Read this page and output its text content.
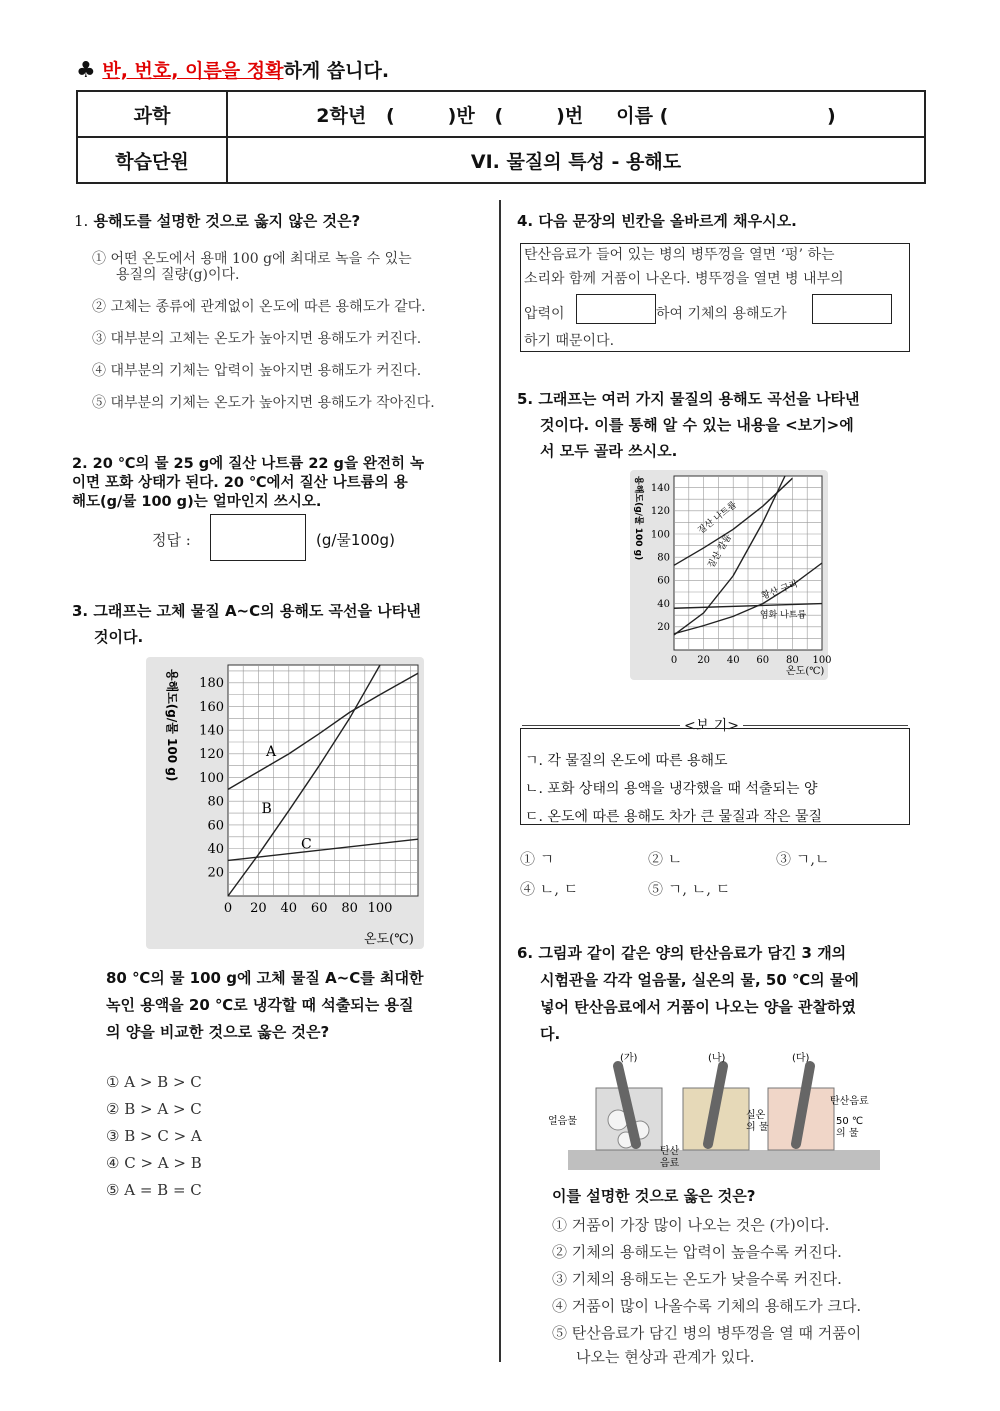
♣ 반, 번호, 이름을 정확하게 씁니다.
과학	2학년   (        )반   (        )번     이름 (                        )
학습단원	VI. 물질의 특성 - 용해도
1. 용해도를 설명한 것으로 옳지 않은 것은?
① 어떤 온도에서 용매 100 g에 최대로 녹을 수 있는
용질의 질량(g)이다.
② 고체는 종류에 관계없이 온도에 따른 용해도가 같다.
③ 대부분의 고체는 온도가 높아지면 용해도가 커진다.
④ 대부분의 기체는 압력이 높아지면 용해도가 커진다.
⑤ 대부분의 기체는 온도가 높아지면 용해도가 작아진다.
2. 20 ℃의 물 25 g에 질산 나트륨 22 g을 완전히 녹
이면 포화 상태가 된다. 20 ℃에서 질산 나트륨의 용
해도(g/물 100 g)는 얼마인지 쓰시오.
정답 :	(g/물100g)
3. 그래프는 고체 물질 A~C의 용해도 곡선을 나타낸
것이다.
A
B
C
0 20 40 60 80 100
20
40
60
80
100
120
140
160
180
온도(℃)
용해도(g/물 100 g)
80 ℃의 물 100 g에 고체 물질 A~C를 최대한
녹인 용액을 20 ℃로 냉각할 때 석출되는 용질
의 양을 비교한 것으로 옳은 것은?
① A > B > C
② B > A > C
③ B > C > A
④ C > A > B
⑤ A = B = C
4. 다음 문장의 빈칸을 올바르게 채우시오.
탄산음료가 들어 있는 병의 병뚜껑을 열면 ‘펑’ 하는
소리와 함께 거품이 나온다. 병뚜껑을 열면 병 내부의
압력이	하여 기체의 용해도가
하기 때문이다.
5. 그래프는 여러 가지 물질의 용해도 곡선을 나타낸
것이다. 이를 통해 알 수 있는 내용을 <보기>에
서 모두 골라 쓰시오.
질산 나트륨
질산 칼륨
황산 구리
염화 나트륨
0 20 40 60 80 100
20
40
60
80
100
120
140
온도(℃)
용해도(g/물 100 g)
<보 기>
ㄱ. 각 물질의 온도에 따른 용해도
ㄴ. 포화 상태의 용액을 냉각했을 때 석출되는 양
ㄷ. 온도에 따른 용해도 차가 큰 물질과 작은 물질
① ㄱ	② ㄴ	③ ㄱ,ㄴ
④ ㄴ, ㄷ	⑤ ㄱ, ㄴ, ㄷ
6. 그림과 같이 같은 양의 탄산음료가 담긴 3 개의
시험관을 각각 얼음물, 실온의 물, 50 ℃의 물에
넣어 탄산음료에서 거품이 나오는 양을 관찰하였
다.
(가)	(나)	(다)
얼음물
실온
의 물
탄산
음료
탄산음료
50 ℃
의 물
이를 설명한 것으로 옳은 것은?
① 거품이 가장 많이 나오는 것은 (가)이다.
② 기체의 용해도는 압력이 높을수록 커진다.
③ 기체의 용해도는 온도가 낮을수록 커진다.
④ 거품이 많이 나올수록 기체의 용해도가 크다.
⑤ 탄산음료가 담긴 병의 병뚜껑을 열 때 거품이
나오는 현상과 관계가 있다.
